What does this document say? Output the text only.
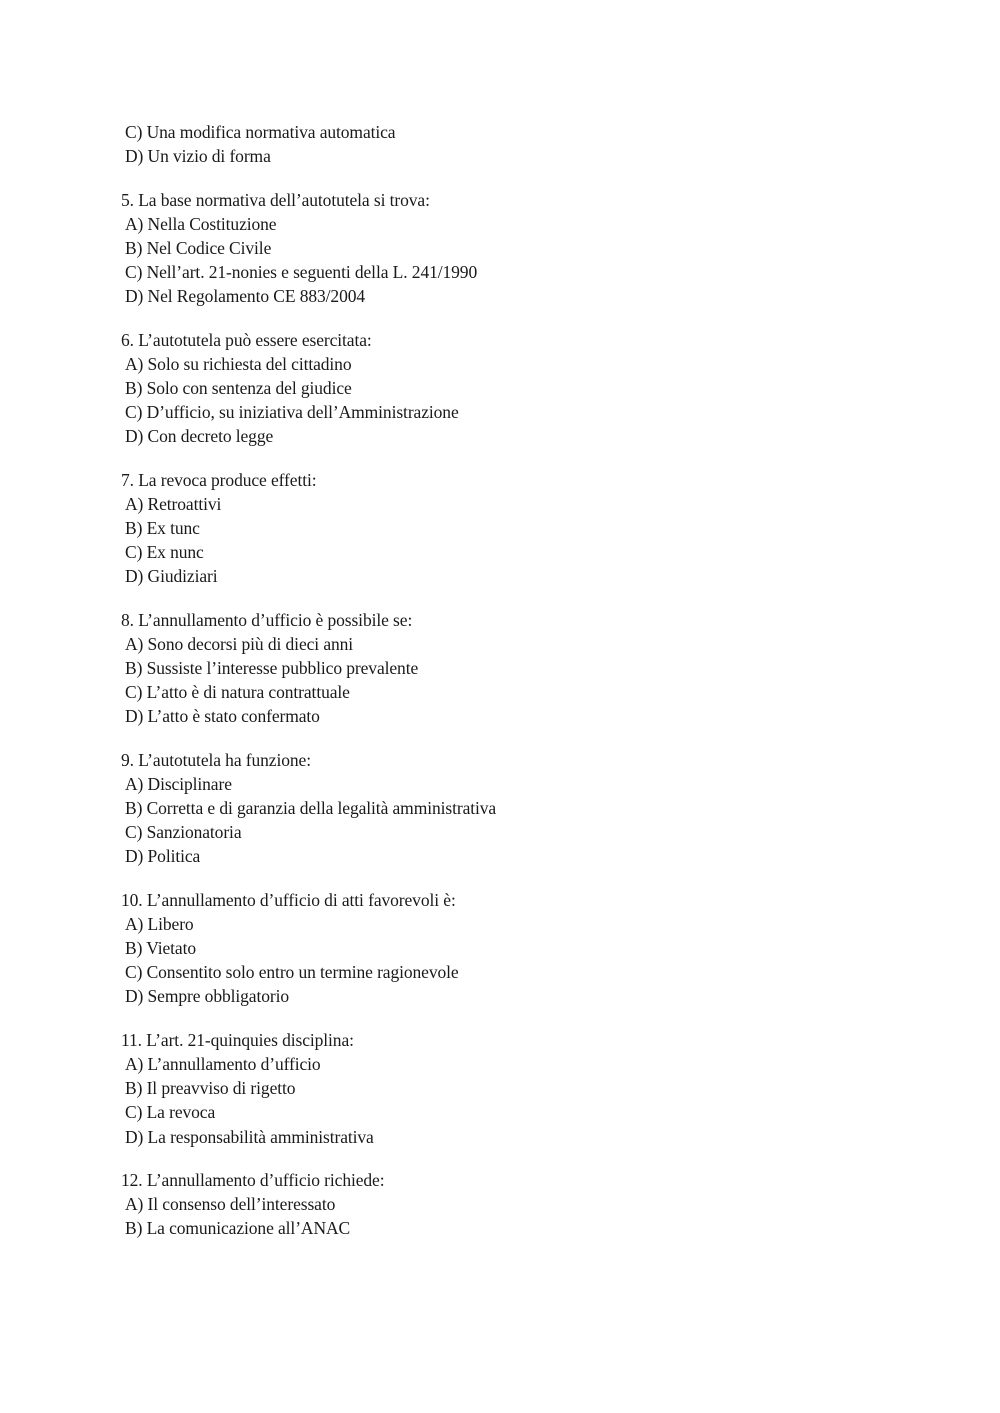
C) Una modifica normativa automatica
D) Un vizio di forma
5. La base normativa dell’autotutela si trova:
A) Nella Costituzione
B) Nel Codice Civile
C) Nell’art. 21-nonies e seguenti della L. 241/1990
D) Nel Regolamento CE 883/2004
6. L’autotutela può essere esercitata:
A) Solo su richiesta del cittadino
B) Solo con sentenza del giudice
C) D’ufficio, su iniziativa dell’Amministrazione
D) Con decreto legge
7. La revoca produce effetti:
A) Retroattivi
B) Ex tunc
C) Ex nunc
D) Giudiziari
8. L’annullamento d’ufficio è possibile se:
A) Sono decorsi più di dieci anni
B) Sussiste l’interesse pubblico prevalente
C) L’atto è di natura contrattuale
D) L’atto è stato confermato
9. L’autotutela ha funzione:
A) Disciplinare
B) Corretta e di garanzia della legalità amministrativa
C) Sanzionatoria
D) Politica
10. L’annullamento d’ufficio di atti favorevoli è:
A) Libero
B) Vietato
C) Consentito solo entro un termine ragionevole
D) Sempre obbligatorio
11. L’art. 21-quinquies disciplina:
A) L’annullamento d’ufficio
B) Il preavviso di rigetto
C) La revoca
D) La responsabilità amministrativa
12. L’annullamento d’ufficio richiede:
A) Il consenso dell’interessato
B) La comunicazione all’ANAC
